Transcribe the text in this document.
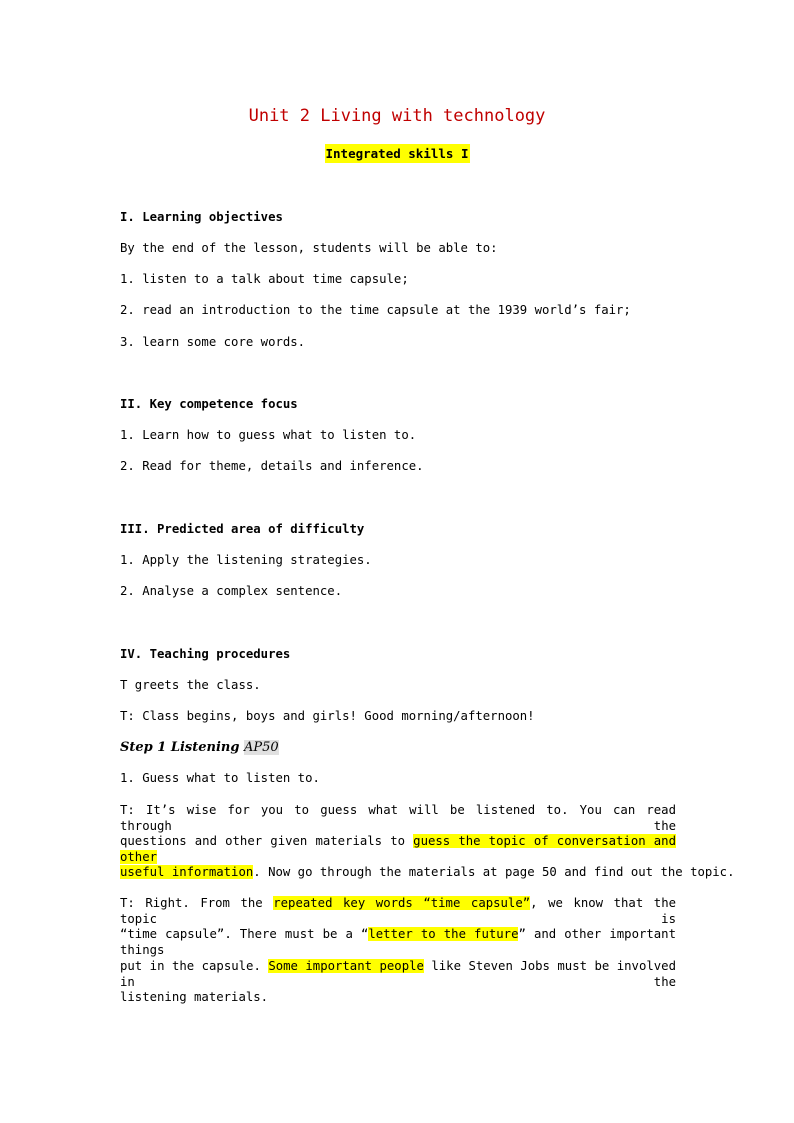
Unit 2 Living with technology
Integrated skills I
I. Learning objectives
By the end of the lesson, students will be able to:
1. listen to a talk about time capsule;
2. read an introduction to the time capsule at the 1939 world’s fair;
3. learn some core words.
II. Key competence focus
1. Learn how to guess what to listen to.
2. Read for theme, details and inference.
III. Predicted area of difficulty
1. Apply the listening strategies.
2. Analyse a complex sentence.
IV. Teaching procedures
T greets the class.
T: Class begins, boys and girls! Good morning/afternoon!
Step 1 Listening AP50
1. Guess what to listen to.
T: It’s wise for you to guess what will be listened to. You can read through the
questions and other given materials to guess the topic of conversation and other
useful information. Now go through the materials at page 50 and find out the topic.
T: Right. From the repeated key words “time capsule”, we know that the topic is
“time capsule”. There must be a “letter to the future” and other important things
put in the capsule. Some important people like Steven Jobs must be involved in the
listening materials.
